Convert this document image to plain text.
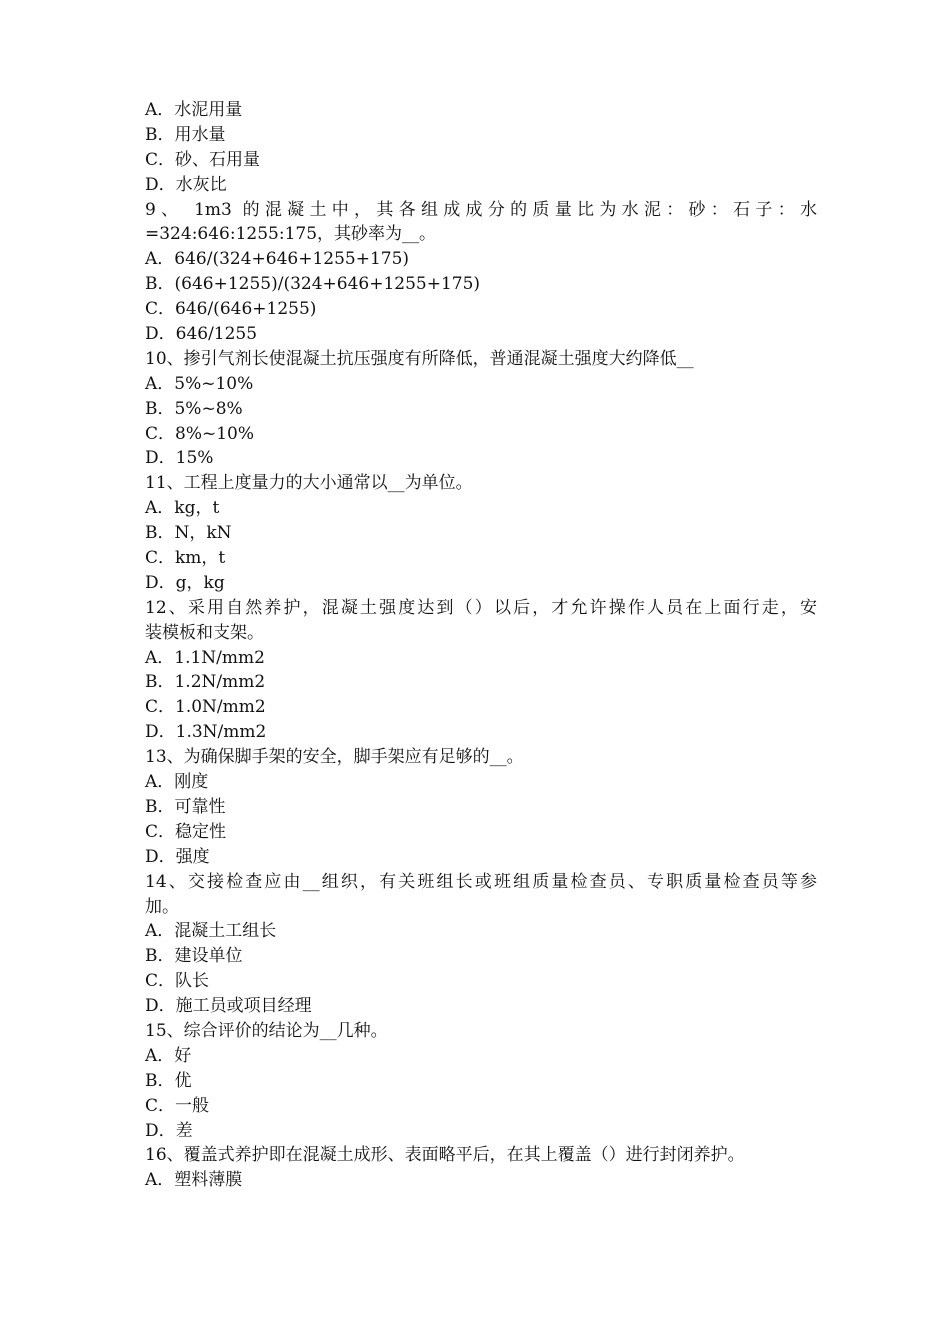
A．水泥用量
B．用水量
C．砂、石用量
D．水灰比
9、 1m3 的混凝土中，其各组成成分的质量比为水泥：砂：石子：水
=324:646:1255:175，其砂率为__。
A．646/(324+646+1255+175)
B．(646+1255)/(324+646+1255+175)
C．646/(646+1255)
D．646/1255
10、掺引气剂长使混凝土抗压强度有所降低，普通混凝土强度大约降低__
A．5%~10%
B．5%~8%
C．8%~10%
D．15%
11、工程上度量力的大小通常以__为单位。
A．kg，t
B．N，kN
C．km，t
D．g，kg
12、采用自然养护，混凝土强度达到（）以后，才允许操作人员在上面行走，安
装模板和支架。
A．1.1N/mm2
B．1.2N/mm2
C．1.0N/mm2
D．1.3N/mm2
13、为确保脚手架的安全，脚手架应有足够的__。
A．刚度
B．可靠性
C．稳定性
D．强度
14、交接检查应由__组织，有关班组长或班组质量检查员、专职质量检查员等参
加。
A．混凝土工组长
B．建设单位
C．队长
D．施工员或项目经理
15、综合评价的结论为__几种。
A．好
B．优
C．一般
D．差
16、覆盖式养护即在混凝土成形、表面略平后，在其上覆盖（）进行封闭养护。
A．塑料薄膜
